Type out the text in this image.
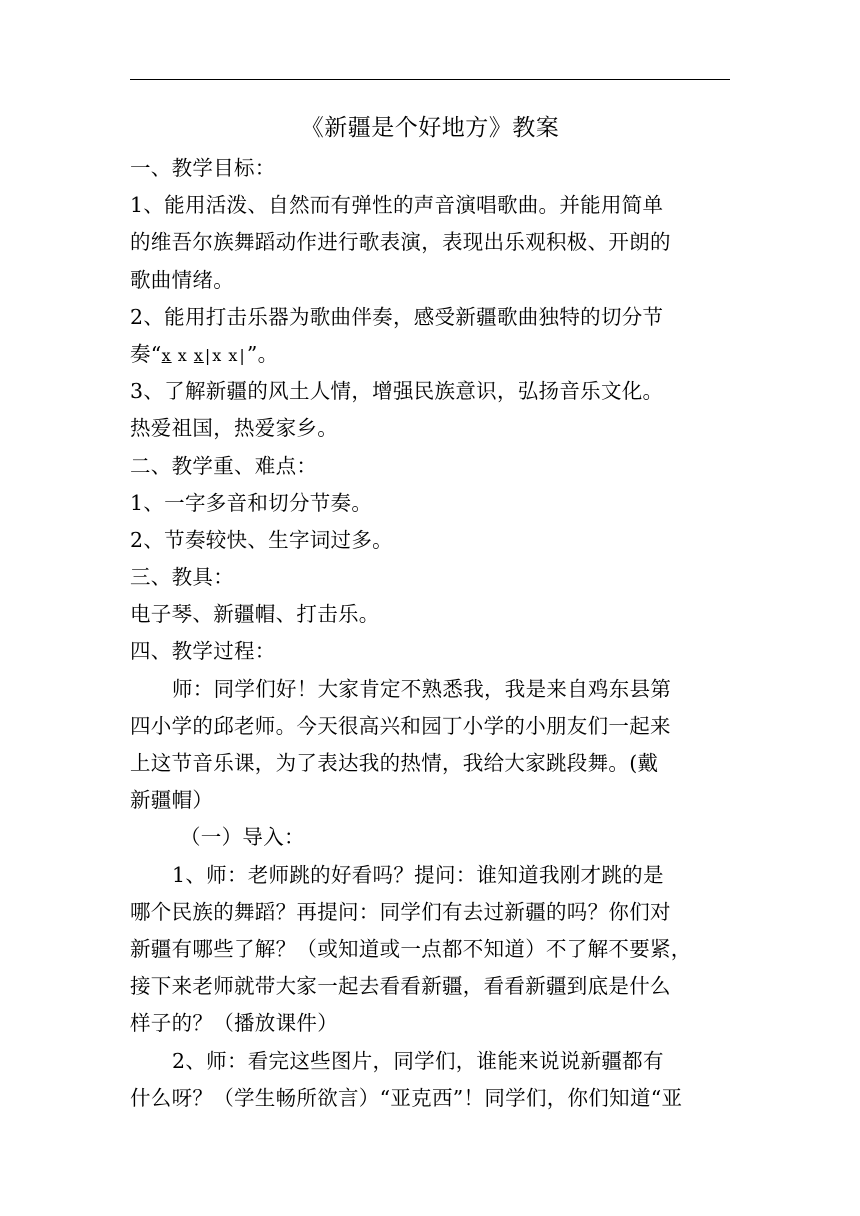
《新疆是个好地方》教案

一、教学目标：

1、能用活泼、自然而有弹性的声音演唱歌曲。并能用简单

的维吾尔族舞蹈动作进行歌表演，表现出乐观积极、开朗的

歌曲情绪。

2、能用打击乐器为歌曲伴奏，感受新疆歌曲独特的切分节

奏“x x x|x x|”。

3、了解新疆的风土人情，增强民族意识，弘扬音乐文化。

热爱祖国，热爱家乡。

二、教学重、难点：

1、一字多音和切分节奏。

2、节奏较快、生字词过多。

三、教具：

电子琴、新疆帽、打击乐。

四、教学过程：

师：同学们好！大家肯定不熟悉我，我是来自鸡东县第

四小学的邱老师。今天很高兴和园丁小学的小朋友们一起来

上这节音乐课，为了表达我的热情，我给大家跳段舞。(戴

新疆帽）

（一）导入：

1、师：老师跳的好看吗？提问：谁知道我刚才跳的是

哪个民族的舞蹈？再提问：同学们有去过新疆的吗？你们对

新疆有哪些了解？（或知道或一点都不知道）不了解不要紧，

接下来老师就带大家一起去看看新疆，看看新疆到底是什么

样子的？（播放课件）

2、师：看完这些图片，同学们，谁能来说说新疆都有

什么呀？（学生畅所欲言）“亚克西”！同学们，你们知道“亚
